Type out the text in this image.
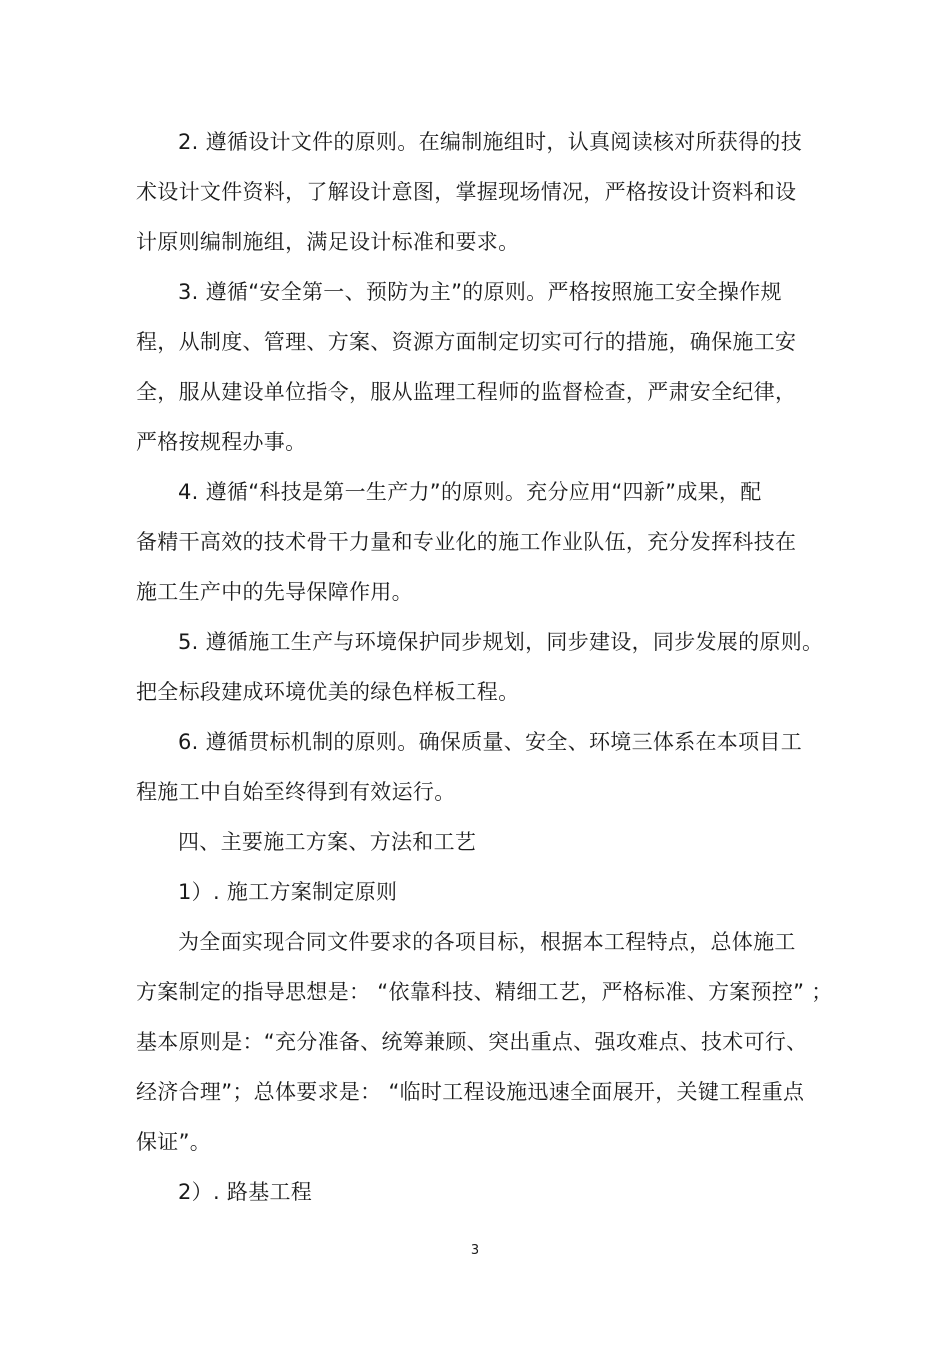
2. 遵循设计文件的原则。在编制施组时，认真阅读核对所获得的技
术设计文件资料，了解设计意图，掌握现场情况，严格按设计资料和设
计原则编制施组，满足设计标准和要求。
3. 遵循“安全第一、预防为主”的原则。严格按照施工安全操作规
程，从制度、管理、方案、资源方面制定切实可行的措施，确保施工安
全，服从建设单位指令，服从监理工程师的监督检查，严肃安全纪律，
严格按规程办事。
4. 遵循“科技是第一生产力”的原则。充分应用“四新”成果，配
备精干高效的技术骨干力量和专业化的施工作业队伍，充分发挥科技在
施工生产中的先导保障作用。
5. 遵循施工生产与环境保护同步规划，同步建设，同步发展的原则。
把全标段建成环境优美的绿色样板工程。
6. 遵循贯标机制的原则。确保质量、安全、环境三体系在本项目工
程施工中自始至终得到有效运行。
四、主要施工方案、方法和工艺
1）. 施工方案制定原则
为全面实现合同文件要求的各项目标，根据本工程特点，总体施工
方案制定的指导思想是： “依靠科技、精细工艺，严格标准、方案预控” ；
基本原则是：“充分准备、统筹兼顾、突出重点、强攻难点、技术可行、
经济合理”；总体要求是： “临时工程设施迅速全面展开，关键工程重点
保证”。
2）. 路基工程
3
